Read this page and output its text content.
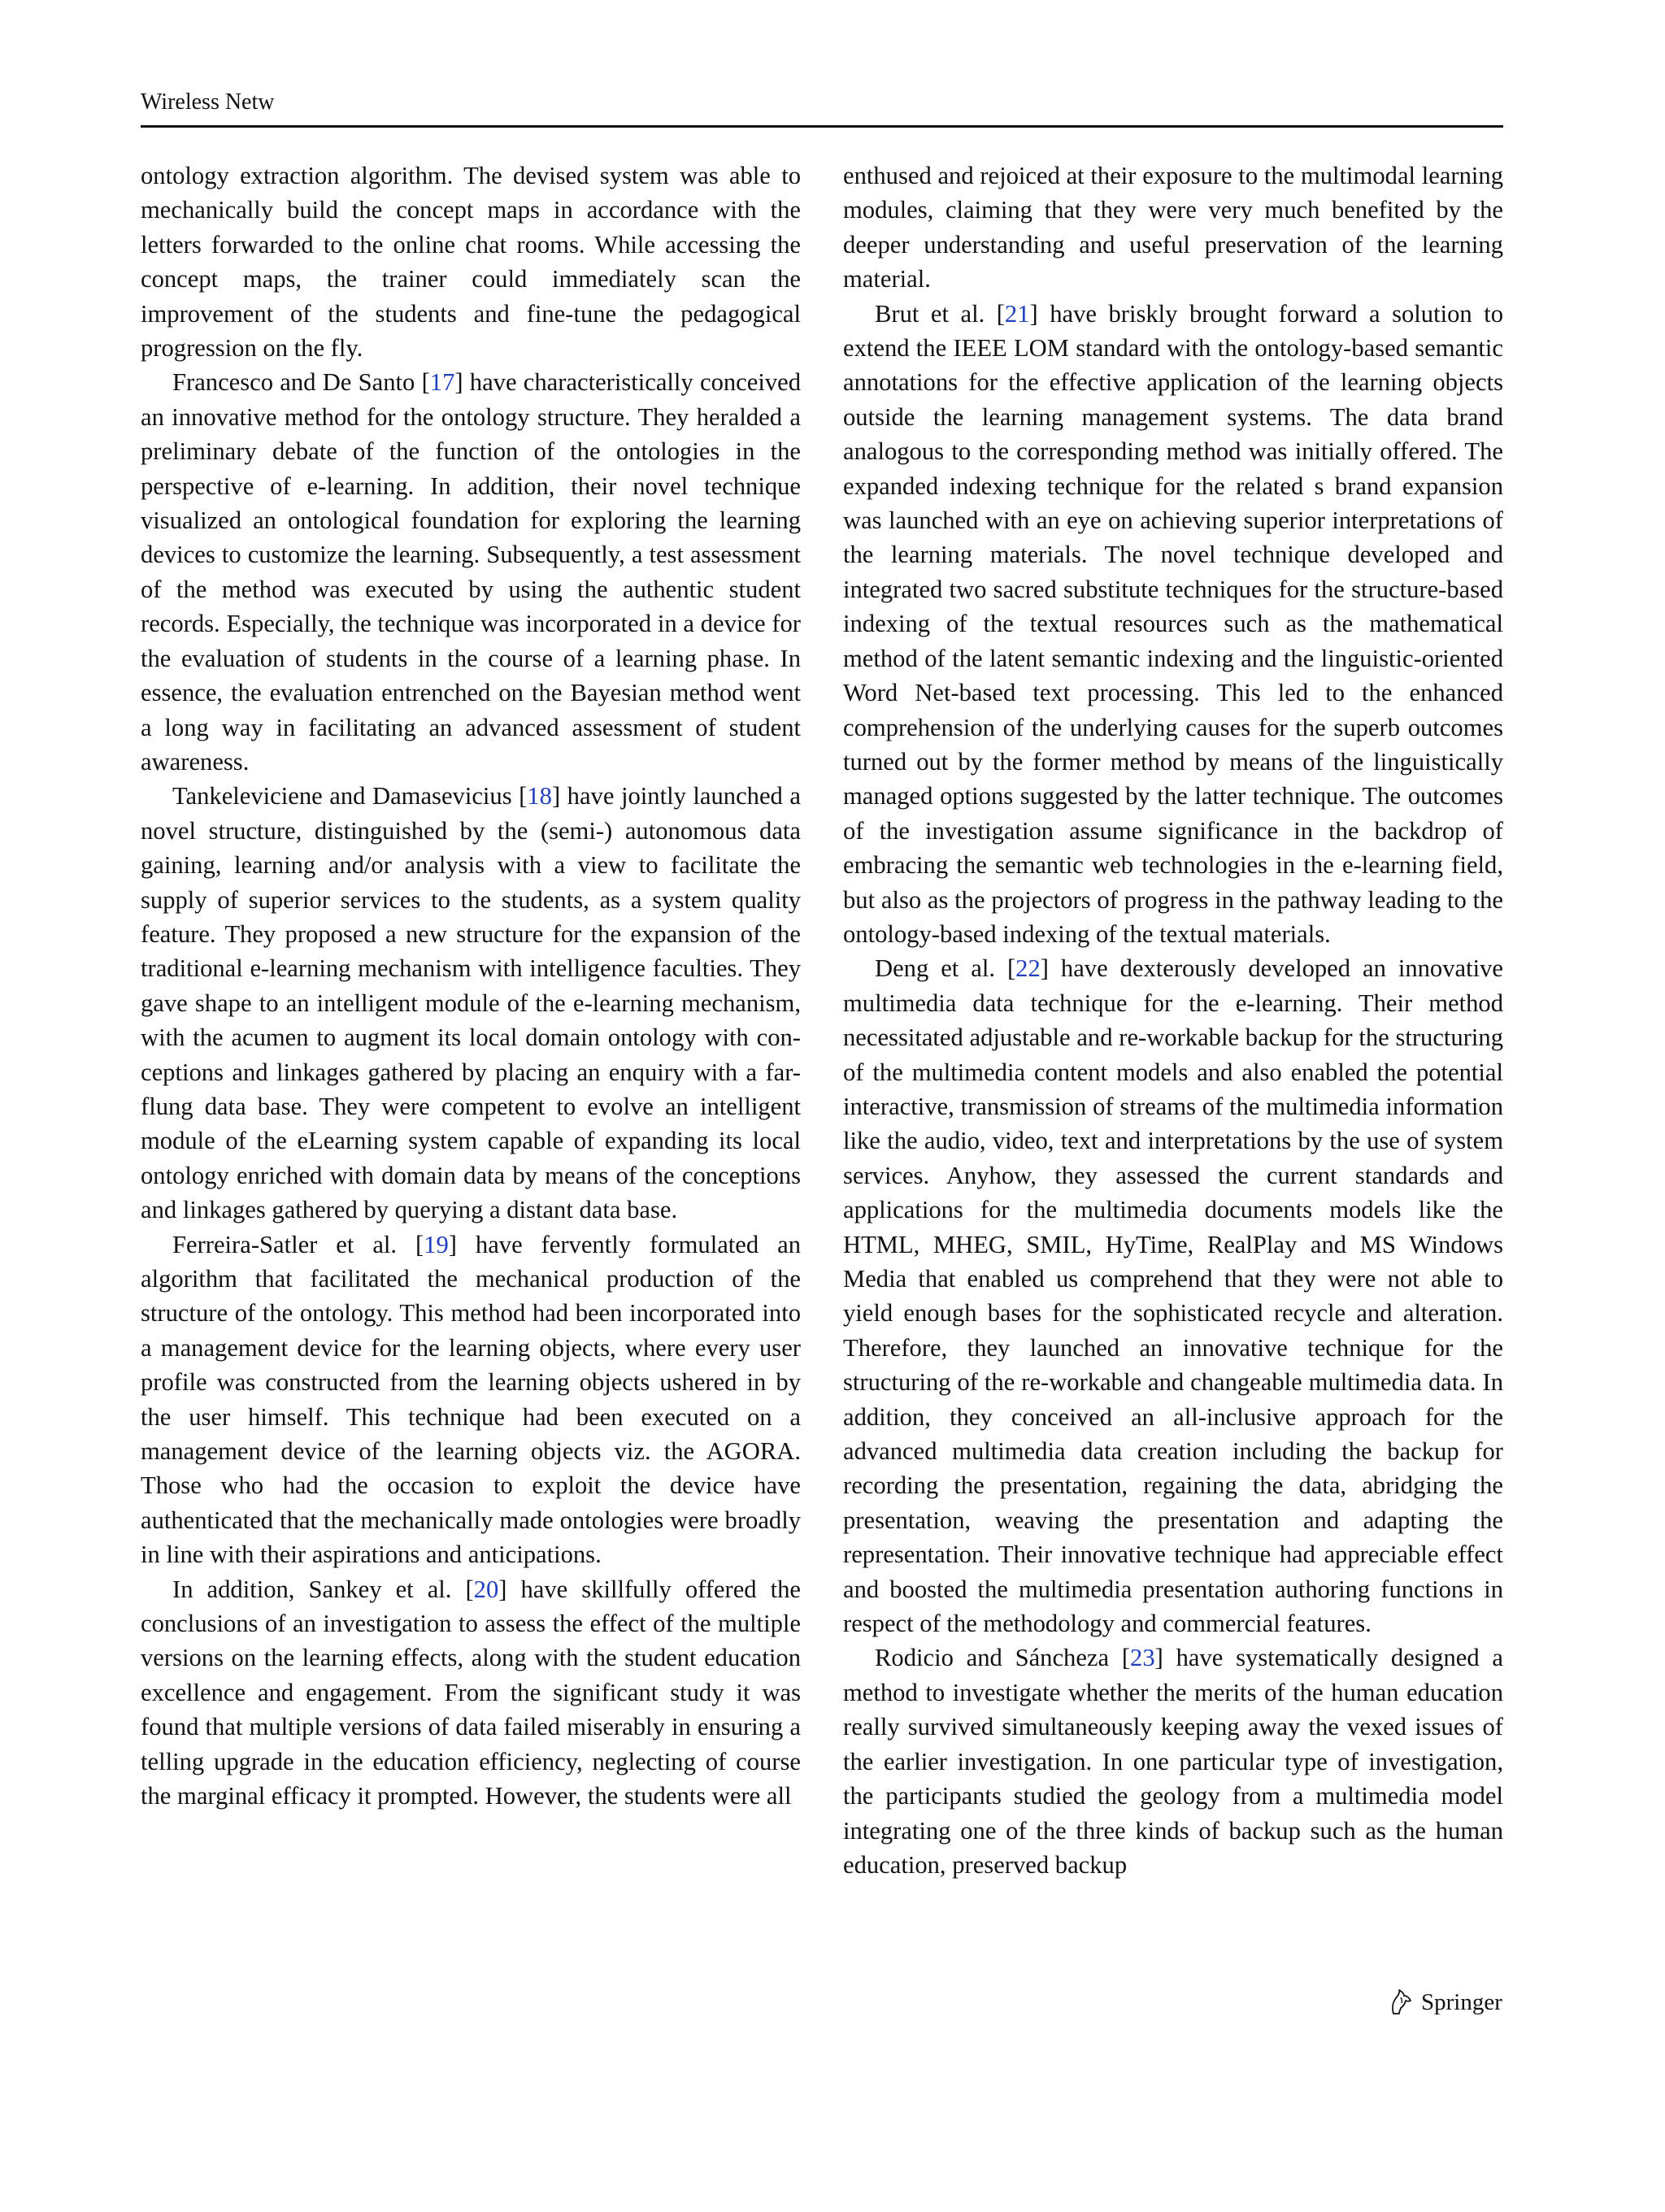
Wireless Netw

ontology extraction algorithm. The devised system was able to mechanically build the concept maps in accordance with the letters forwarded to the online chat rooms. While accessing the concept maps, the trainer could immediately scan the improvement of the students and fine-tune the pedagogical progression on the fly.

Francesco and De Santo [17] have characteristically conceived an innovative method for the ontology structure. They heralded a preliminary debate of the function of the ontologies in the perspective of e-learning. In addition, their novel technique visualized an ontological foundation for exploring the learning devices to customize the learning. Subsequently, a test assessment of the method was executed by using the authentic student records. Especially, the technique was incorporated in a device for the evaluation of students in the course of a learning phase. In essence, the evaluation entrenched on the Bayesian method went a long way in facilitating an advanced assessment of student awareness.

Tankeleviciene and Damasevicius [18] have jointly launched a novel structure, distinguished by the (semi-) autonomous data gaining, learning and/or analysis with a view to facilitate the supply of superior services to the students, as a system quality feature. They proposed a new structure for the expansion of the traditional e-learning mechanism with intelligence faculties. They gave shape to an intelligent module of the e-learning mechanism, with the acumen to augment its local domain ontology with conceptions and linkages gathered by placing an enquiry with a far-flung data base. They were competent to evolve an intelligent module of the eLearning system capable of expanding its local ontology enriched with domain data by means of the conceptions and linkages gathered by querying a distant data base.

Ferreira-Satler et al. [19] have fervently formulated an algorithm that facilitated the mechanical production of the structure of the ontology. This method had been incorporated into a management device for the learning objects, where every user profile was constructed from the learning objects ushered in by the user himself. This technique had been executed on a management device of the learning objects viz. the AGORA. Those who had the occasion to exploit the device have authenticated that the mechanically made ontologies were broadly in line with their aspirations and anticipations.

In addition, Sankey et al. [20] have skillfully offered the conclusions of an investigation to assess the effect of the multiple versions on the learning effects, along with the student education excellence and engagement. From the significant study it was found that multiple versions of data failed miserably in ensuring a telling upgrade in the education efficiency, neglecting of course the marginal efficacy it prompted. However, the students were all

enthused and rejoiced at their exposure to the multimodal learning modules, claiming that they were very much benefited by the deeper understanding and useful preservation of the learning material.

Brut et al. [21] have briskly brought forward a solution to extend the IEEE LOM standard with the ontology-based semantic annotations for the effective application of the learning objects outside the learning management systems. The data brand analogous to the corresponding method was initially offered. The expanded indexing technique for the related s brand expansion was launched with an eye on achieving superior interpretations of the learning materials. The novel technique developed and integrated two sacred substitute techniques for the structure-based indexing of the textual resources such as the mathematical method of the latent semantic indexing and the linguistic-oriented Word Net-based text processing. This led to the enhanced comprehension of the underlying causes for the superb outcomes turned out by the former method by means of the linguistically managed options suggested by the latter technique. The outcomes of the investigation assume significance in the backdrop of embracing the semantic web technologies in the e-learning field, but also as the projectors of progress in the pathway leading to the ontology-based indexing of the textual materials.

Deng et al. [22] have dexterously developed an innovative multimedia data technique for the e-learning. Their method necessitated adjustable and re-workable backup for the structuring of the multimedia content models and also enabled the potential interactive, transmission of streams of the multimedia information like the audio, video, text and interpretations by the use of system services. Anyhow, they assessed the current standards and applications for the multimedia documents models like the HTML, MHEG, SMIL, HyTime, RealPlay and MS Windows Media that enabled us comprehend that they were not able to yield enough bases for the sophisticated recycle and alteration. Therefore, they launched an innovative technique for the structuring of the re-workable and changeable multimedia data. In addition, they conceived an all-inclusive approach for the advanced multimedia data creation including the backup for recording the presentation, regaining the data, abridging the presentation, weaving the presentation and adapting the representation. Their innovative technique had appreciable effect and boosted the multimedia presentation authoring functions in respect of the methodology and commercial features.

Rodicio and Sáncheza [23] have systematically designed a method to investigate whether the merits of the human education really survived simultaneously keeping away the vexed issues of the earlier investigation. In one particular type of investigation, the participants studied the geology from a multimedia model integrating one of the three kinds of backup such as the human education, preserved backup

Springer
